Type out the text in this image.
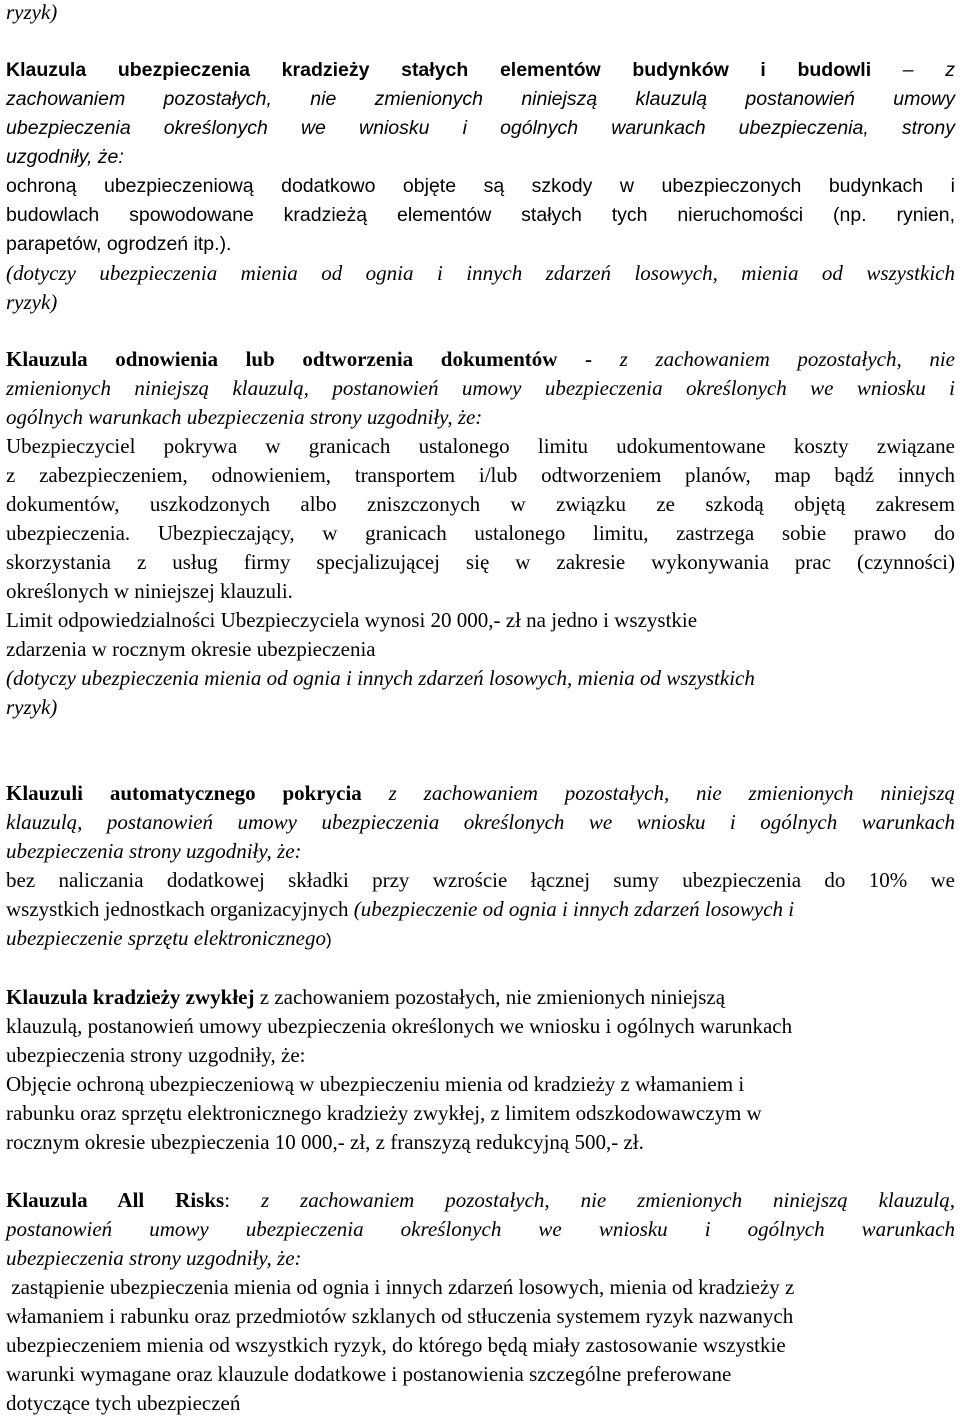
ryzyk)
Klauzula ubezpieczenia kradzieży stałych elementów budynków i budowli – z
zachowaniem pozostałych, nie zmienionych niniejszą klauzulą postanowień umowy
ubezpieczenia określonych we wniosku i ogólnych warunkach ubezpieczenia, strony
uzgodniły, że:
ochroną ubezpieczeniową dodatkowo objęte są szkody w ubezpieczonych budynkach i
budowlach spowodowane kradzieżą elementów stałych tych nieruchomości (np. rynien,
parapetów, ogrodzeń itp.).
(dotyczy ubezpieczenia mienia od ognia i innych zdarzeń losowych, mienia od wszystkich
ryzyk)
Klauzula odnowienia lub odtworzenia dokumentów - z zachowaniem pozostałych, nie
zmienionych niniejszą klauzulą, postanowień umowy ubezpieczenia określonych we wniosku i
ogólnych warunkach ubezpieczenia strony uzgodniły, że:
Ubezpieczyciel pokrywa w granicach ustalonego limitu udokumentowane koszty związane
z zabezpieczeniem, odnowieniem, transportem i/lub odtworzeniem planów, map bądź innych
dokumentów, uszkodzonych albo zniszczonych w związku ze szkodą objętą zakresem
ubezpieczenia. Ubezpieczający, w granicach ustalonego limitu, zastrzega sobie prawo do
skorzystania z usług firmy specjalizującej się w zakresie wykonywania prac (czynności)
określonych w niniejszej klauzuli.
Limit odpowiedzialności Ubezpieczyciela wynosi 20 000,- zł na jedno i wszystkie
zdarzenia w rocznym okresie ubezpieczenia
(dotyczy ubezpieczenia mienia od ognia i innych zdarzeń losowych, mienia od wszystkich
ryzyk)
Klauzuli automatycznego pokrycia z zachowaniem pozostałych, nie zmienionych niniejszą
klauzulą, postanowień umowy ubezpieczenia określonych we wniosku i ogólnych warunkach
ubezpieczenia strony uzgodniły, że:
bez naliczania dodatkowej składki przy wzroście łącznej sumy ubezpieczenia do 10% we
wszystkich jednostkach organizacyjnych (ubezpieczenie od ognia i innych zdarzeń losowych i
ubezpieczenie sprzętu elektronicznego)
Klauzula kradzieży zwykłej z zachowaniem pozostałych, nie zmienionych niniejszą
klauzulą, postanowień umowy ubezpieczenia określonych we wniosku i ogólnych warunkach
ubezpieczenia strony uzgodniły, że:
Objęcie ochroną ubezpieczeniową w ubezpieczeniu mienia od kradzieży z włamaniem i
rabunku oraz sprzętu elektronicznego kradzieży zwykłej, z limitem odszkodowawczym w
rocznym okresie ubezpieczenia 10 000,- zł, z franszyzą redukcyjną 500,- zł.
Klauzula All Risks: z zachowaniem pozostałych, nie zmienionych niniejszą klauzulą,
postanowień umowy ubezpieczenia określonych we wniosku i ogólnych warunkach
ubezpieczenia strony uzgodniły, że:
zastąpienie ubezpieczenia mienia od ognia i innych zdarzeń losowych, mienia od kradzieży z
włamaniem i rabunku oraz przedmiotów szklanych od stłuczenia systemem ryzyk nazwanych
ubezpieczeniem mienia od wszystkich ryzyk, do którego będą miały zastosowanie wszystkie
warunki wymagane oraz klauzule dodatkowe i postanowienia szczególne preferowane
dotyczące tych ubezpieczeń
